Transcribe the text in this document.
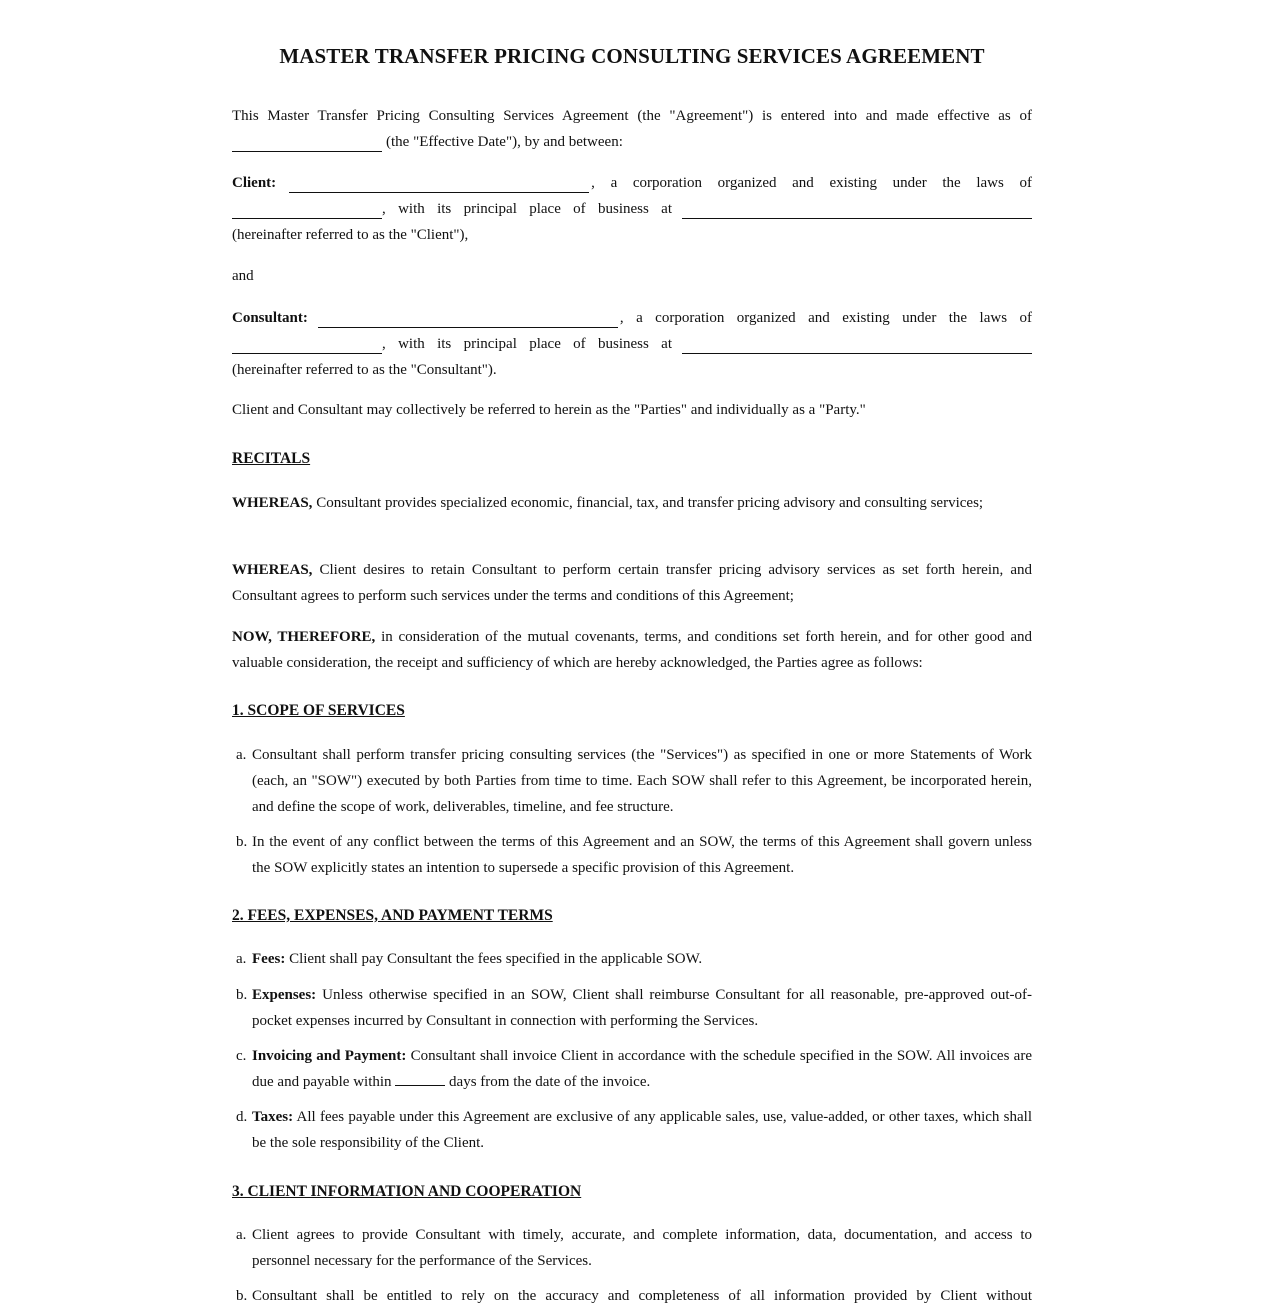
MASTER TRANSFER PRICING CONSULTING SERVICES AGREEMENT
This Master Transfer Pricing Consulting Services Agreement (the "Agreement") is entered into and made effective as of
(the "Effective Date"), by and between:
Client:	, a corporation organized and existing under the laws of
, with its principal place of business at
(hereinafter referred to as the "Client"),

and

Consultant:	, a corporation organized and existing under the laws of
, with its principal place of business at
(hereinafter referred to as the "Consultant").

Client and Consultant may collectively be referred to herein as the "Parties" and individually as a "Party."

RECITALS

WHEREAS, Consultant provides specialized economic, financial, tax, and transfer pricing advisory and consulting services;

WHEREAS, Client desires to retain Consultant to perform certain transfer pricing advisory services as set forth herein, and Consultant agrees to perform such services under the terms and conditions of this Agreement;

NOW, THEREFORE, in consideration of the mutual covenants, terms, and conditions set forth herein, and for other good and valuable consideration, the receipt and sufficiency of which are hereby acknowledged, the Parties agree as follows:

1. SCOPE OF SERVICES
a. Consultant shall perform transfer pricing consulting services (the "Services") as specified in one or more Statements of Work (each, an "SOW") executed by both Parties from time to time. Each SOW shall refer to this Agreement, be incorporated herein, and define the scope of work, deliverables, timeline, and fee structure.
b. In the event of any conflict between the terms of this Agreement and an SOW, the terms of this Agreement shall govern unless the SOW explicitly states an intention to supersede a specific provision of this Agreement.
2. FEES, EXPENSES, AND PAYMENT TERMS
a. Fees: Client shall pay Consultant the fees specified in the applicable SOW.
b. Expenses: Unless otherwise specified in an SOW, Client shall reimburse Consultant for all reasonable, pre-approved out-of-pocket expenses incurred by Consultant in connection with performing the Services.
c. Invoicing and Payment: Consultant shall invoice Client in accordance with the schedule specified in the SOW. All invoices are due and payable within	days from the date of the invoice.
d. Taxes: All fees payable under this Agreement are exclusive of any applicable sales, use, value-added, or other taxes, which shall be the sole responsibility of the Client.
3. CLIENT INFORMATION AND COOPERATION
a. Client agrees to provide Consultant with timely, accurate, and complete information, data, documentation, and access to personnel necessary for the performance of the Services.
b. Consultant shall be entitled to rely on the accuracy and completeness of all information provided by Client without
